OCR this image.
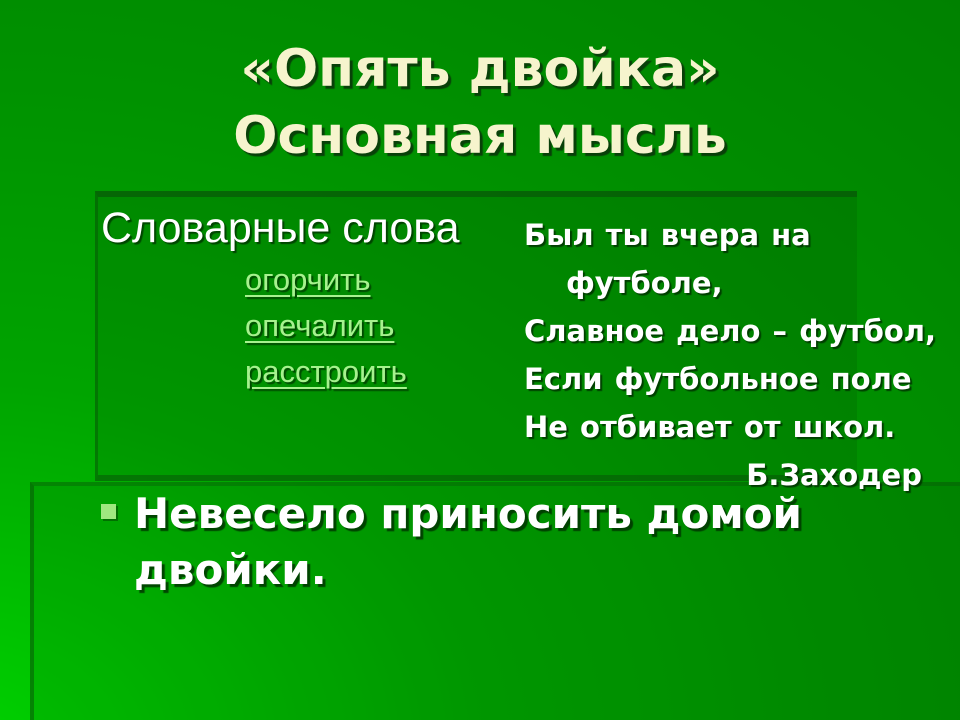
«Опять двойка»
Основная мысль
Словарные слова
огорчить
опечалить
расстроить
Был ты вчера на
футболе,
Славное дело – футбол,
Если футбольное поле
Не отбивает от школ.
Б.Заходер
Невесело приносить домой двойки.
